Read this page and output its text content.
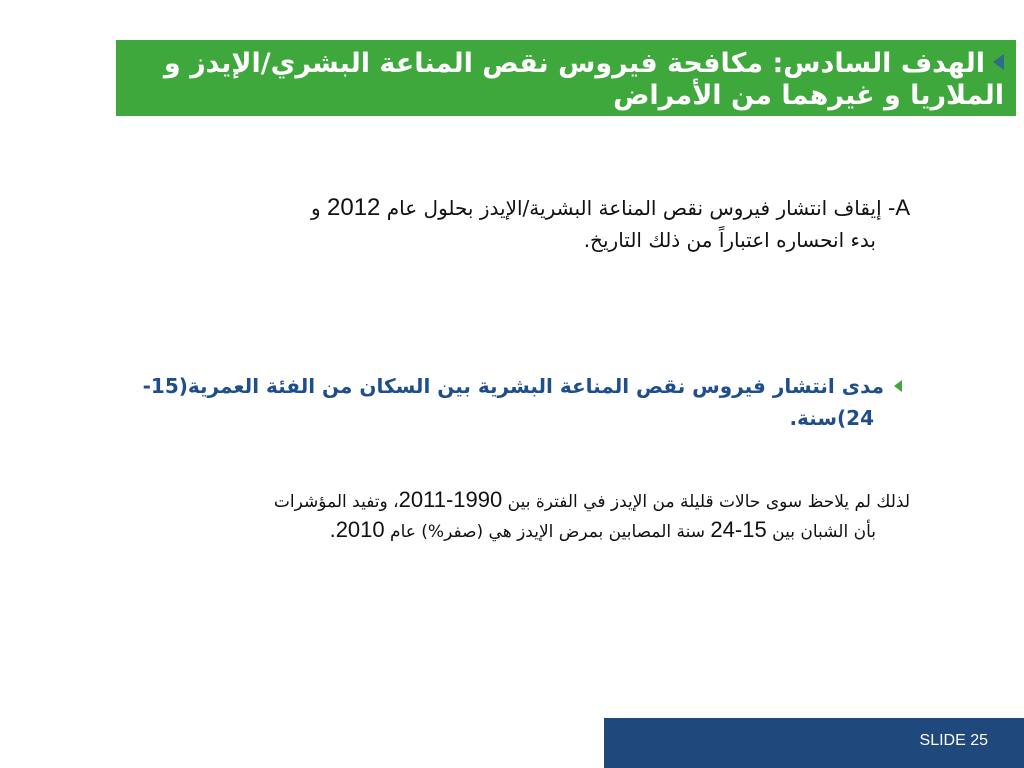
الهدف السادس: مكافحة فيروس نقص المناعة البشري/الإيدز و
الملاريا و غيرهما من الأمراض
A- إيقاف انتشار فيروس نقص المناعة البشرية/الإيدز بحلول عام 2012 و
بدء انحساره اعتباراً من ذلك التاريخ.
مدى انتشار فيروس نقص المناعة البشرية بين السكان من الفئة العمرية(15-
24)سنة.
لذلك لم يلاحظ سوى حالات قليلة من الإيدز في الفترة بين 1990-2011، وتفيد المؤشرات
بأن الشبان بين 15-24 سنة المصابين بمرض الإيدز هي (صفر%) عام 2010.
SLIDE 25
